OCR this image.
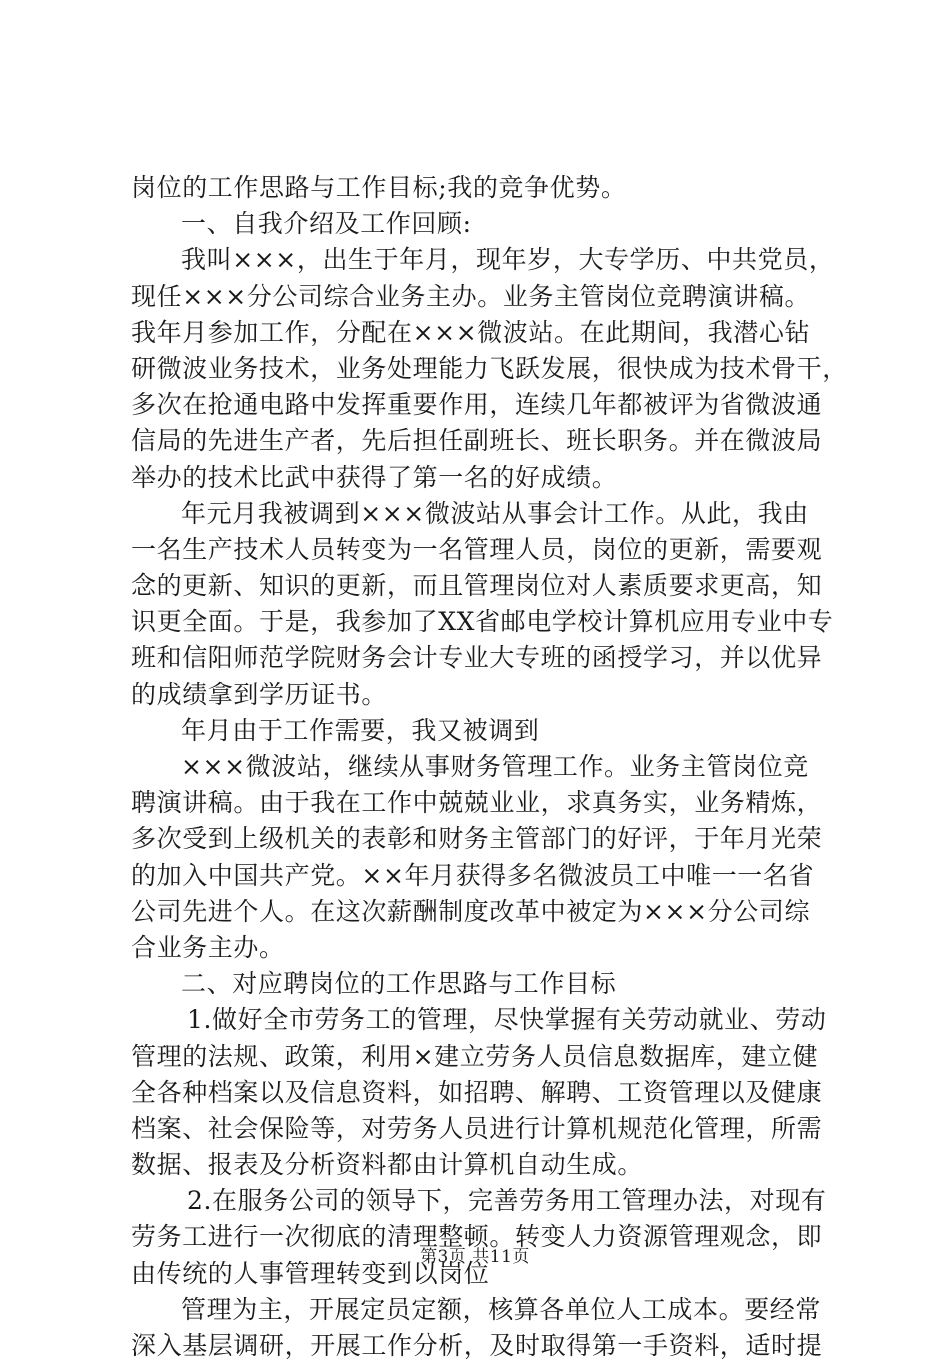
岗位的工作思路与工作目标;我的竞争优势。
一、自我介绍及工作回顾:
我叫×××，出生于年月，现年岁，大专学历、中共党员，
现任×××分公司综合业务主办。业务主管岗位竞聘演讲稿。
我年月参加工作，分配在×××微波站。在此期间，我潜心钻
研微波业务技术，业务处理能力飞跃发展，很快成为技术骨干，
多次在抢通电路中发挥重要作用，连续几年都被评为省微波通
信局的先进生产者，先后担任副班长、班长职务。并在微波局
举办的技术比武中获得了第一名的好成绩。
年元月我被调到×××微波站从事会计工作。从此，我由
一名生产技术人员转变为一名管理人员，岗位的更新，需要观
念的更新、知识的更新，而且管理岗位对人素质要求更高，知
识更全面。于是，我参加了XX省邮电学校计算机应用专业中专
班和信阳师范学院财务会计专业大专班的函授学习，并以优异
的成绩拿到学历证书。
年月由于工作需要，我又被调到
×××微波站，继续从事财务管理工作。业务主管岗位竞
聘演讲稿。由于我在工作中兢兢业业，求真务实，业务精炼，
多次受到上级机关的表彰和财务主管部门的好评，于年月光荣
的加入中国共产党。××年月获得多名微波员工中唯一一名省
公司先进个人。在这次薪酬制度改革中被定为×××分公司综
合业务主办。
二、对应聘岗位的工作思路与工作目标
1.做好全市劳务工的管理，尽快掌握有关劳动就业、劳动
管理的法规、政策，利用×建立劳务人员信息数据库，建立健
全各种档案以及信息资料，如招聘、解聘、工资管理以及健康
档案、社会保险等，对劳务人员进行计算机规范化管理，所需
数据、报表及分析资料都由计算机自动生成。
2.在服务公司的领导下，完善劳务用工管理办法，对现有
劳务工进行一次彻底的清理整顿。转变人力资源管理观念，即
由传统的人事管理转变到以岗位
管理为主，开展定员定额，核算各单位人工成本。要经常
深入基层调研，开展工作分析，及时取得第一手资料，适时提
第3页 共11页
